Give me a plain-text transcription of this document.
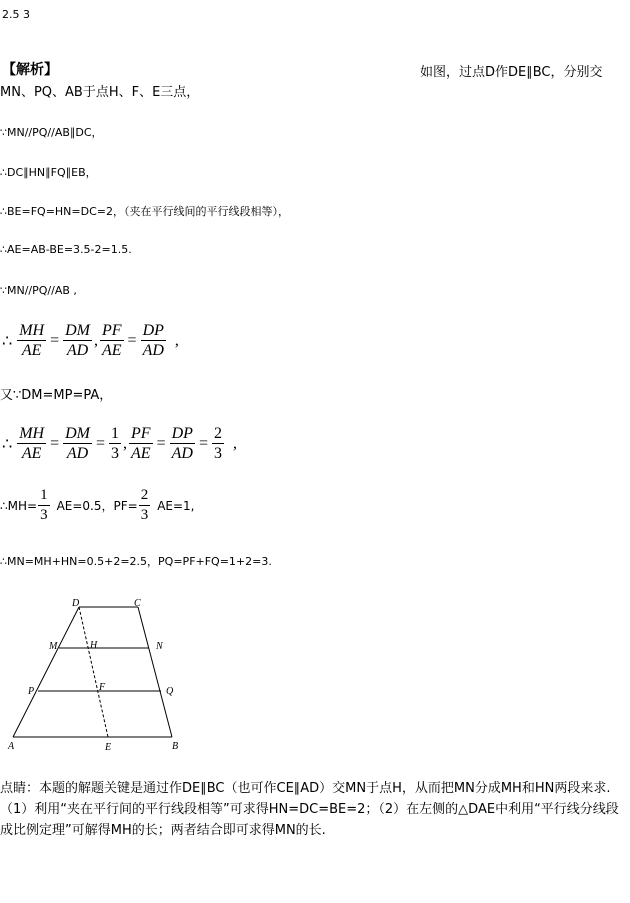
2.5 3
【解析】	如图，过点D作DE∥BC，分别交
MN、PQ、AB于点H、F、E三点，
∵MN//PQ//AB∥DC，
∴DC∥HN∥FQ∥EB，
∴BE=FQ=HN=DC=2，（夹在平行线间的平行线段相等），
∴AE=AB-BE=3.5-2=1.5.
∵MN//PQ//AB ,
∴ $\frac{MH}{AE} = \frac{DM}{AD}$ , $\frac{PF}{AE} = \frac{DP}{AD}$ ,
又∵DM=MP=PA，
∴ $\frac{MH}{AE} = \frac{DM}{AD} = \frac{1}{3}$ , $\frac{PF}{AE} = \frac{DP}{AD} = \frac{2}{3}$ ,
∴MH= $\frac{1}{3} AE=0.5$，$PF= \frac{2}{3} AE=1$,
∴MN=MH+HN=0.5+2=2.5，PQ=PF+FQ=1+2=3.
D	C
M	H	N
P	F	Q
A	E	B
点睛：本题的解题关键是通过作DE∥BC（也可作CE∥AD）交MN于点H，从而把MN分成MH和HN两段来求.（1）利用“夹在平行间的平行线段相等”可求得HN=DC=BE=2；（2）在左侧的△DAE中利用“平行线分线段成比例定理”可解得MH的长；两者结合即可求得MN的长.
